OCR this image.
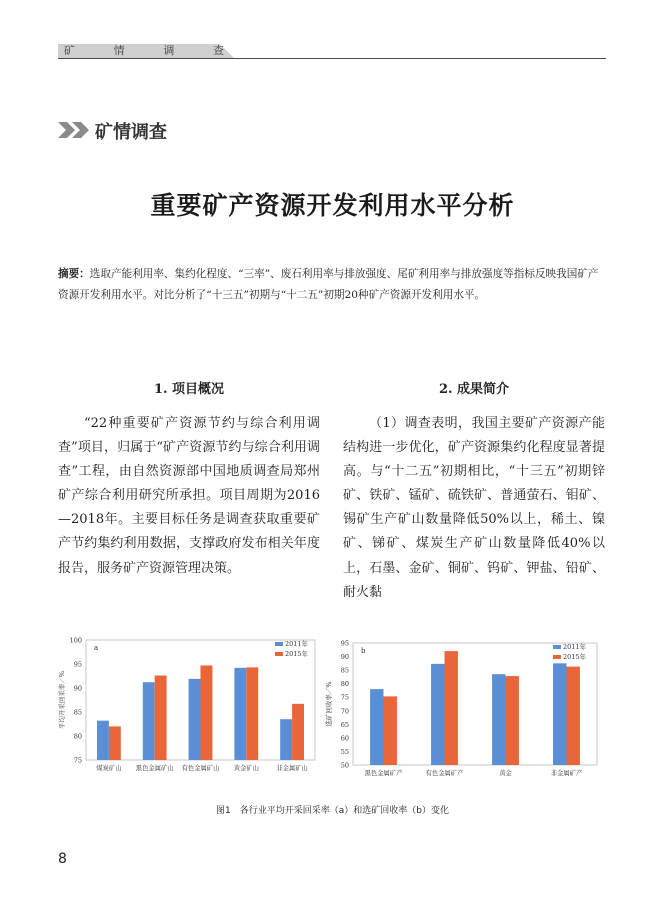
矿	情	调	查
矿情调查
重要矿产资源开发利用水平分析
摘要：选取产能利用率、集约化程度、“三率”、废石利用率与排放强度、尾矿利用率与排放强度等指标反映我国矿产资源开发利用水平。对比分析了“十三五”初期与“十二五”初期20种矿产资源开发利用水平。
1. 项目概况
“22种重要矿产资源节约与综合利用调查”项目，归属于“矿产资源节约与综合利用调查”工程，由自然资源部中国地质调查局郑州矿产综合利用研究所承担。项目周期为2016—2018年。主要目标任务是调查获取重要矿产节约集约利用数据，支撑政府发布相关年度报告，服务矿产资源管理决策。
2. 成果简介
（1）调查表明，我国主要矿产资源产能结构进一步优化，矿产资源集约化程度显著提高。与“十二五”初期相比，“十三五”初期锌矿、铁矿、锰矿、硫铁矿、普通萤石、钼矿、锡矿生产矿山数量降低50%以上，稀土、镍矿、锑矿、煤炭生产矿山数量降低40%以上，石墨、金矿、铜矿、钨矿、钾盐、铅矿、耐火黏
75
80
85
90
95
100
平均开采回采率／%
a
煤炭矿山 黑色金属矿山 有色金属矿山 黄金矿山	非金属矿山
2011年
2015年
50
55
60
65
70
75
80
85
90
95
选矿回收率／%
b
黑色金属矿产	有色金属矿产	黄金	非金属矿产
2011年
2015年
图1　各行业平均开采回采率（a）和选矿回收率（b）变化
8
